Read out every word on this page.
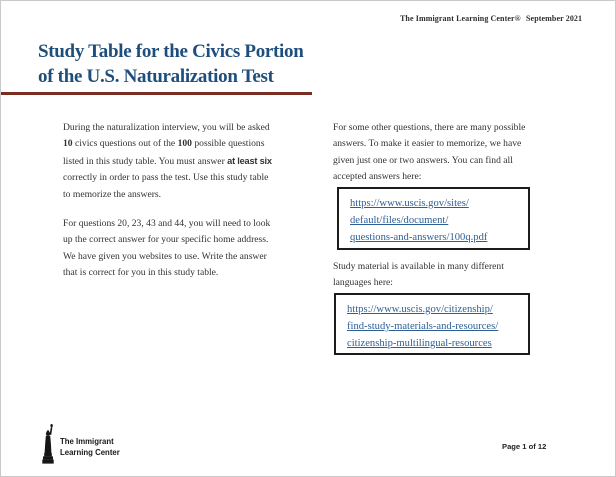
The Immigrant Learning Center® September 2021
Study Table for the Civics Portion
of the U.S. Naturalization Test
During the naturalization interview, you will be asked 10 civics questions out of the 100 possible questions listed in this study table. You must answer at least six correctly in order to pass the test. Use this study table to memorize the answers.
For questions 20, 23, 43 and 44, you will need to look up the correct answer for your specific home address. We have given you websites to use. Write the answer that is correct for you in this study table.
For some other questions, there are many possible answers. To make it easier to memorize, we have given just one or two answers. You can find all accepted answers here:
https://www.uscis.gov/sites/
default/files/document/
questions-and-answers/100q.pdf
Study material is available in many different languages here:
https://www.uscis.gov/citizenship/
find-study-materials-and-resources/
citizenship-multilingual-resources
The Immigrant
Learning Center
Page 1 of 12
